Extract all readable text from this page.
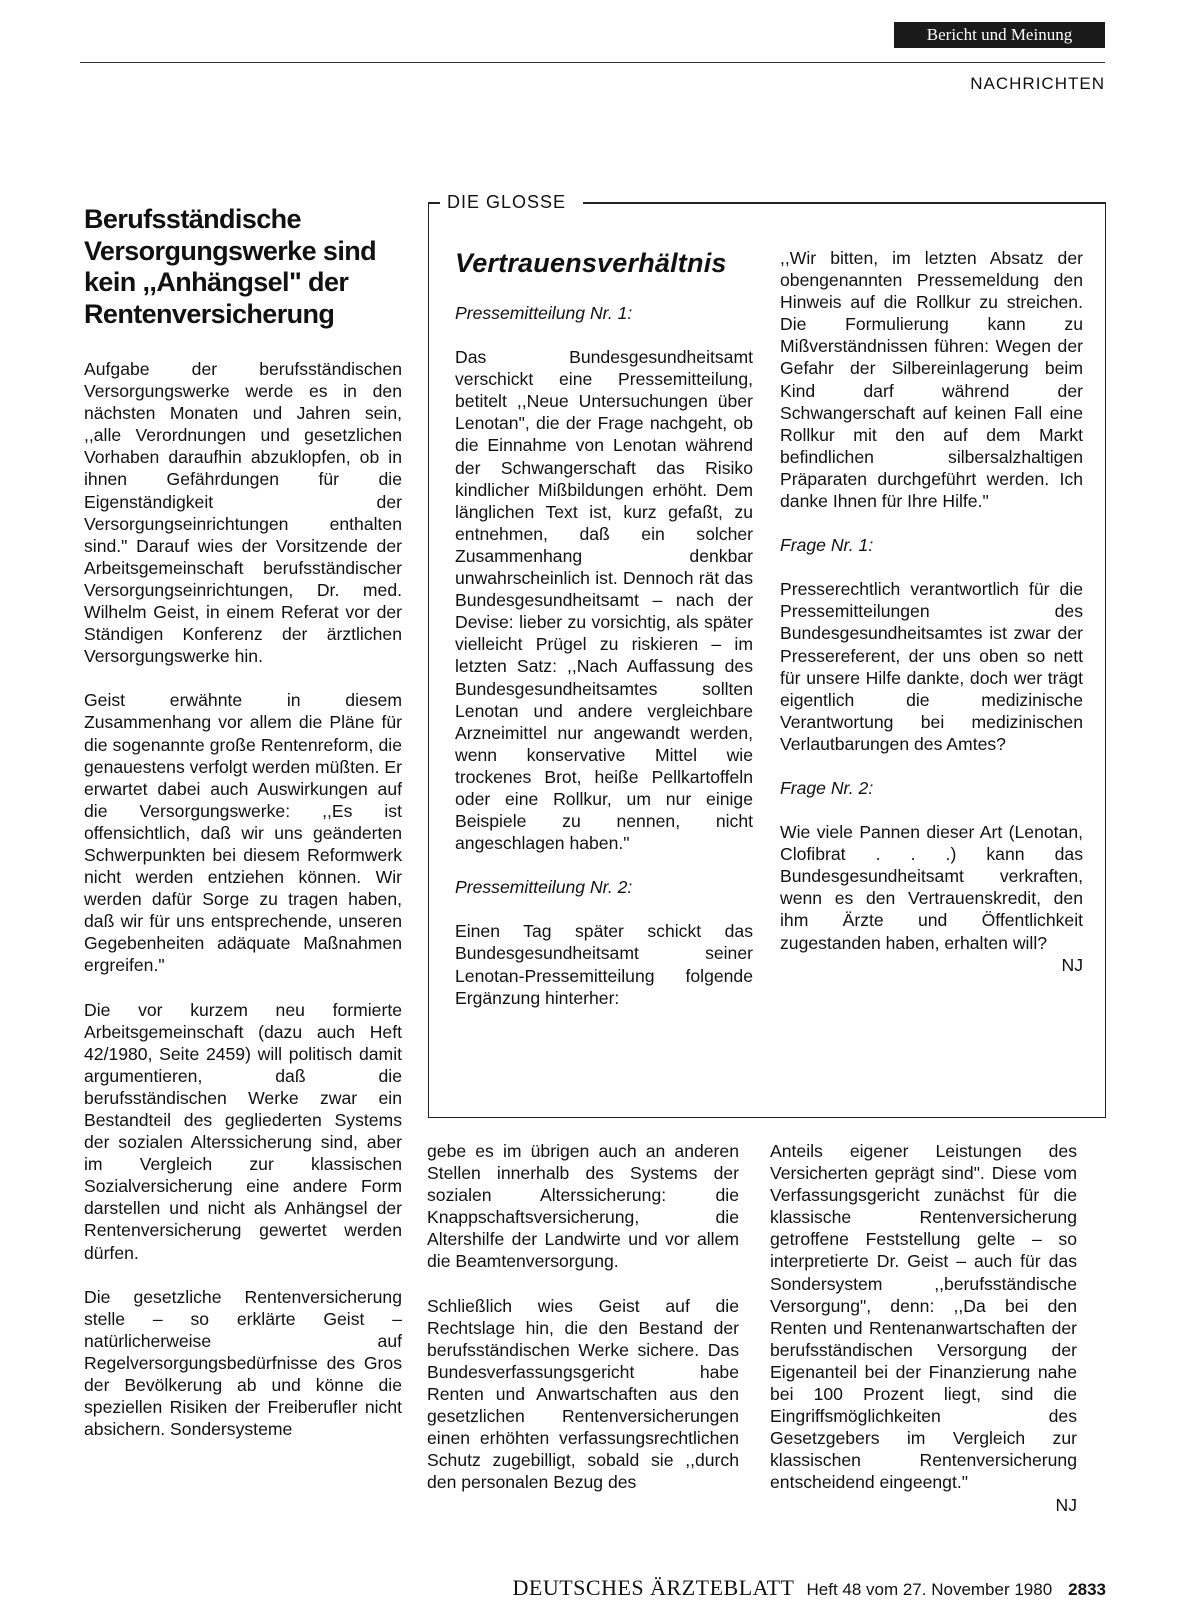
Bericht und Meinung
NACHRICHTEN
Berufsständische Versorgungswerke sind kein ,,Anhängsel" der Rentenversicherung

Aufgabe der berufsständischen Versorgungswerke werde es in den nächsten Monaten und Jahren sein, ,,alle Verordnungen und gesetzlichen Vorhaben daraufhin abzuklopfen, ob in ihnen Gefährdungen für die Eigenständigkeit der Versorgungseinrichtungen enthalten sind." Darauf wies der Vorsitzende der Arbeitsgemeinschaft berufsständischer Versorgungseinrichtungen, Dr. med. Wilhelm Geist, in einem Referat vor der Ständigen Konferenz der ärztlichen Versorgungswerke hin.

Geist erwähnte in diesem Zusammenhang vor allem die Pläne für die sogenannte große Rentenreform, die genauestens verfolgt werden müßten. Er erwartet dabei auch Auswirkungen auf die Versorgungswerke: ,,Es ist offensichtlich, daß wir uns geänderten Schwerpunkten bei diesem Reformwerk nicht werden entziehen können. Wir werden dafür Sorge zu tragen haben, daß wir für uns entsprechende, unseren Gegebenheiten adäquate Maßnahmen ergreifen."

Die vor kurzem neu formierte Arbeitsgemeinschaft (dazu auch Heft 42/1980, Seite 2459) will politisch damit argumentieren, daß die berufsständischen Werke zwar ein Bestandteil des gegliederten Systems der sozialen Alterssicherung sind, aber im Vergleich zur klassischen Sozialversicherung eine andere Form darstellen und nicht als Anhängsel der Rentenversicherung gewertet werden dürfen.

Die gesetzliche Rentenversicherung stelle – so erklärte Geist – natürlicherweise auf Regelversorgungsbedürfnisse des Gros der Bevölkerung ab und könne die speziellen Risiken der Freiberufler nicht absichern. Sondersysteme

DIE GLOSSE
Vertrauensverhältnis

Pressemitteilung Nr. 1:

Das Bundesgesundheitsamt verschickt eine Pressemitteilung, betitelt ,,Neue Untersuchungen über Lenotan", die der Frage nachgeht, ob die Einnahme von Lenotan während der Schwangerschaft das Risiko kindlicher Mißbildungen erhöht. Dem länglichen Text ist, kurz gefaßt, zu entnehmen, daß ein solcher Zusammenhang denkbar unwahrscheinlich ist. Dennoch rät das Bundesgesundheitsamt – nach der Devise: lieber zu vorsichtig, als später vielleicht Prügel zu riskieren – im letzten Satz: ,,Nach Auffassung des Bundesgesundheitsamtes sollten Lenotan und andere vergleichbare Arzneimittel nur angewandt werden, wenn konservative Mittel wie trockenes Brot, heiße Pellkartoffeln oder eine Rollkur, um nur einige Beispiele zu nennen, nicht angeschlagen haben."

Pressemitteilung Nr. 2:

Einen Tag später schickt das Bundesgesundheitsamt seiner Lenotan-Pressemitteilung folgende Ergänzung hinterher:

,,Wir bitten, im letzten Absatz der obengenannten Pressemeldung den Hinweis auf die Rollkur zu streichen. Die Formulierung kann zu Mißverständnissen führen: Wegen der Gefahr der Silbereinlagerung beim Kind darf während der Schwangerschaft auf keinen Fall eine Rollkur mit den auf dem Markt befindlichen silbersalzhaltigen Präparaten durchgeführt werden. Ich danke Ihnen für Ihre Hilfe."

Frage Nr. 1:

Presserechtlich verantwortlich für die Pressemitteilungen des Bundesgesundheitsamtes ist zwar der Pressereferent, der uns oben so nett für unsere Hilfe dankte, doch wer trägt eigentlich die medizinische Verantwortung bei medizinischen Verlautbarungen des Amtes?

Frage Nr. 2:

Wie viele Pannen dieser Art (Lenotan, Clofibrat . . .) kann das Bundesgesundheitsamt verkraften, wenn es den Vertrauenskredit, den ihm Ärzte und Öffentlichkeit zugestanden haben, erhalten will?

NJ

gebe es im übrigen auch an anderen Stellen innerhalb des Systems der sozialen Alterssicherung: die Knappschaftsversicherung, die Altershilfe der Landwirte und vor allem die Beamtenversorgung.

Schließlich wies Geist auf die Rechtslage hin, die den Bestand der berufsständischen Werke sichere. Das Bundesverfassungsgericht habe Renten und Anwartschaften aus den gesetzlichen Rentenversicherungen einen erhöhten verfassungsrechtlichen Schutz zugebilligt, sobald sie ,,durch den personalen Bezug des

Anteils eigener Leistungen des Versicherten geprägt sind". Diese vom Verfassungsgericht zunächst für die klassische Rentenversicherung getroffene Feststellung gelte – so interpretierte Dr. Geist – auch für das Sondersystem ,,berufsständische Versorgung", denn: ,,Da bei den Renten und Rentenanwartschaften der berufsständischen Versorgung der Eigenanteil bei der Finanzierung nahe bei 100 Prozent liegt, sind die Eingriffsmöglichkeiten des Gesetzgebers im Vergleich zur klassischen Rentenversicherung entscheidend eingeengt."

NJ
DEUTSCHES ÄRZTEBLATT Heft 48 vom 27. November 1980 2833
